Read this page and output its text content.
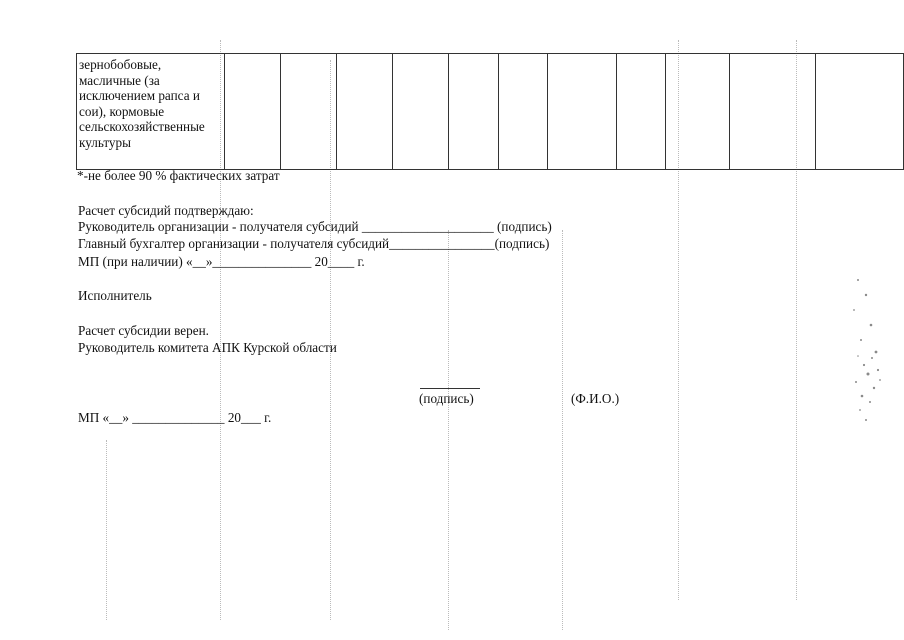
зернобобовые, масличные (за исключением рапса и сои), кормовые сельскохозяйственные культуры											
*-не более 90 % фактических затрат
Расчет субсидий подтверждаю:
Руководитель организации - получателя субсидий ____________________ (подпись)
Главный бухгалтер организации - получателя субсидий________________(подпись)
МП (при наличии) «__»_______________ 20____ г.
Исполнитель
Расчет субсидии верен.
Руководитель комитета АПК Курской области
(подпись)	(Ф.И.О.)
МП «__» ______________ 20___ г.
